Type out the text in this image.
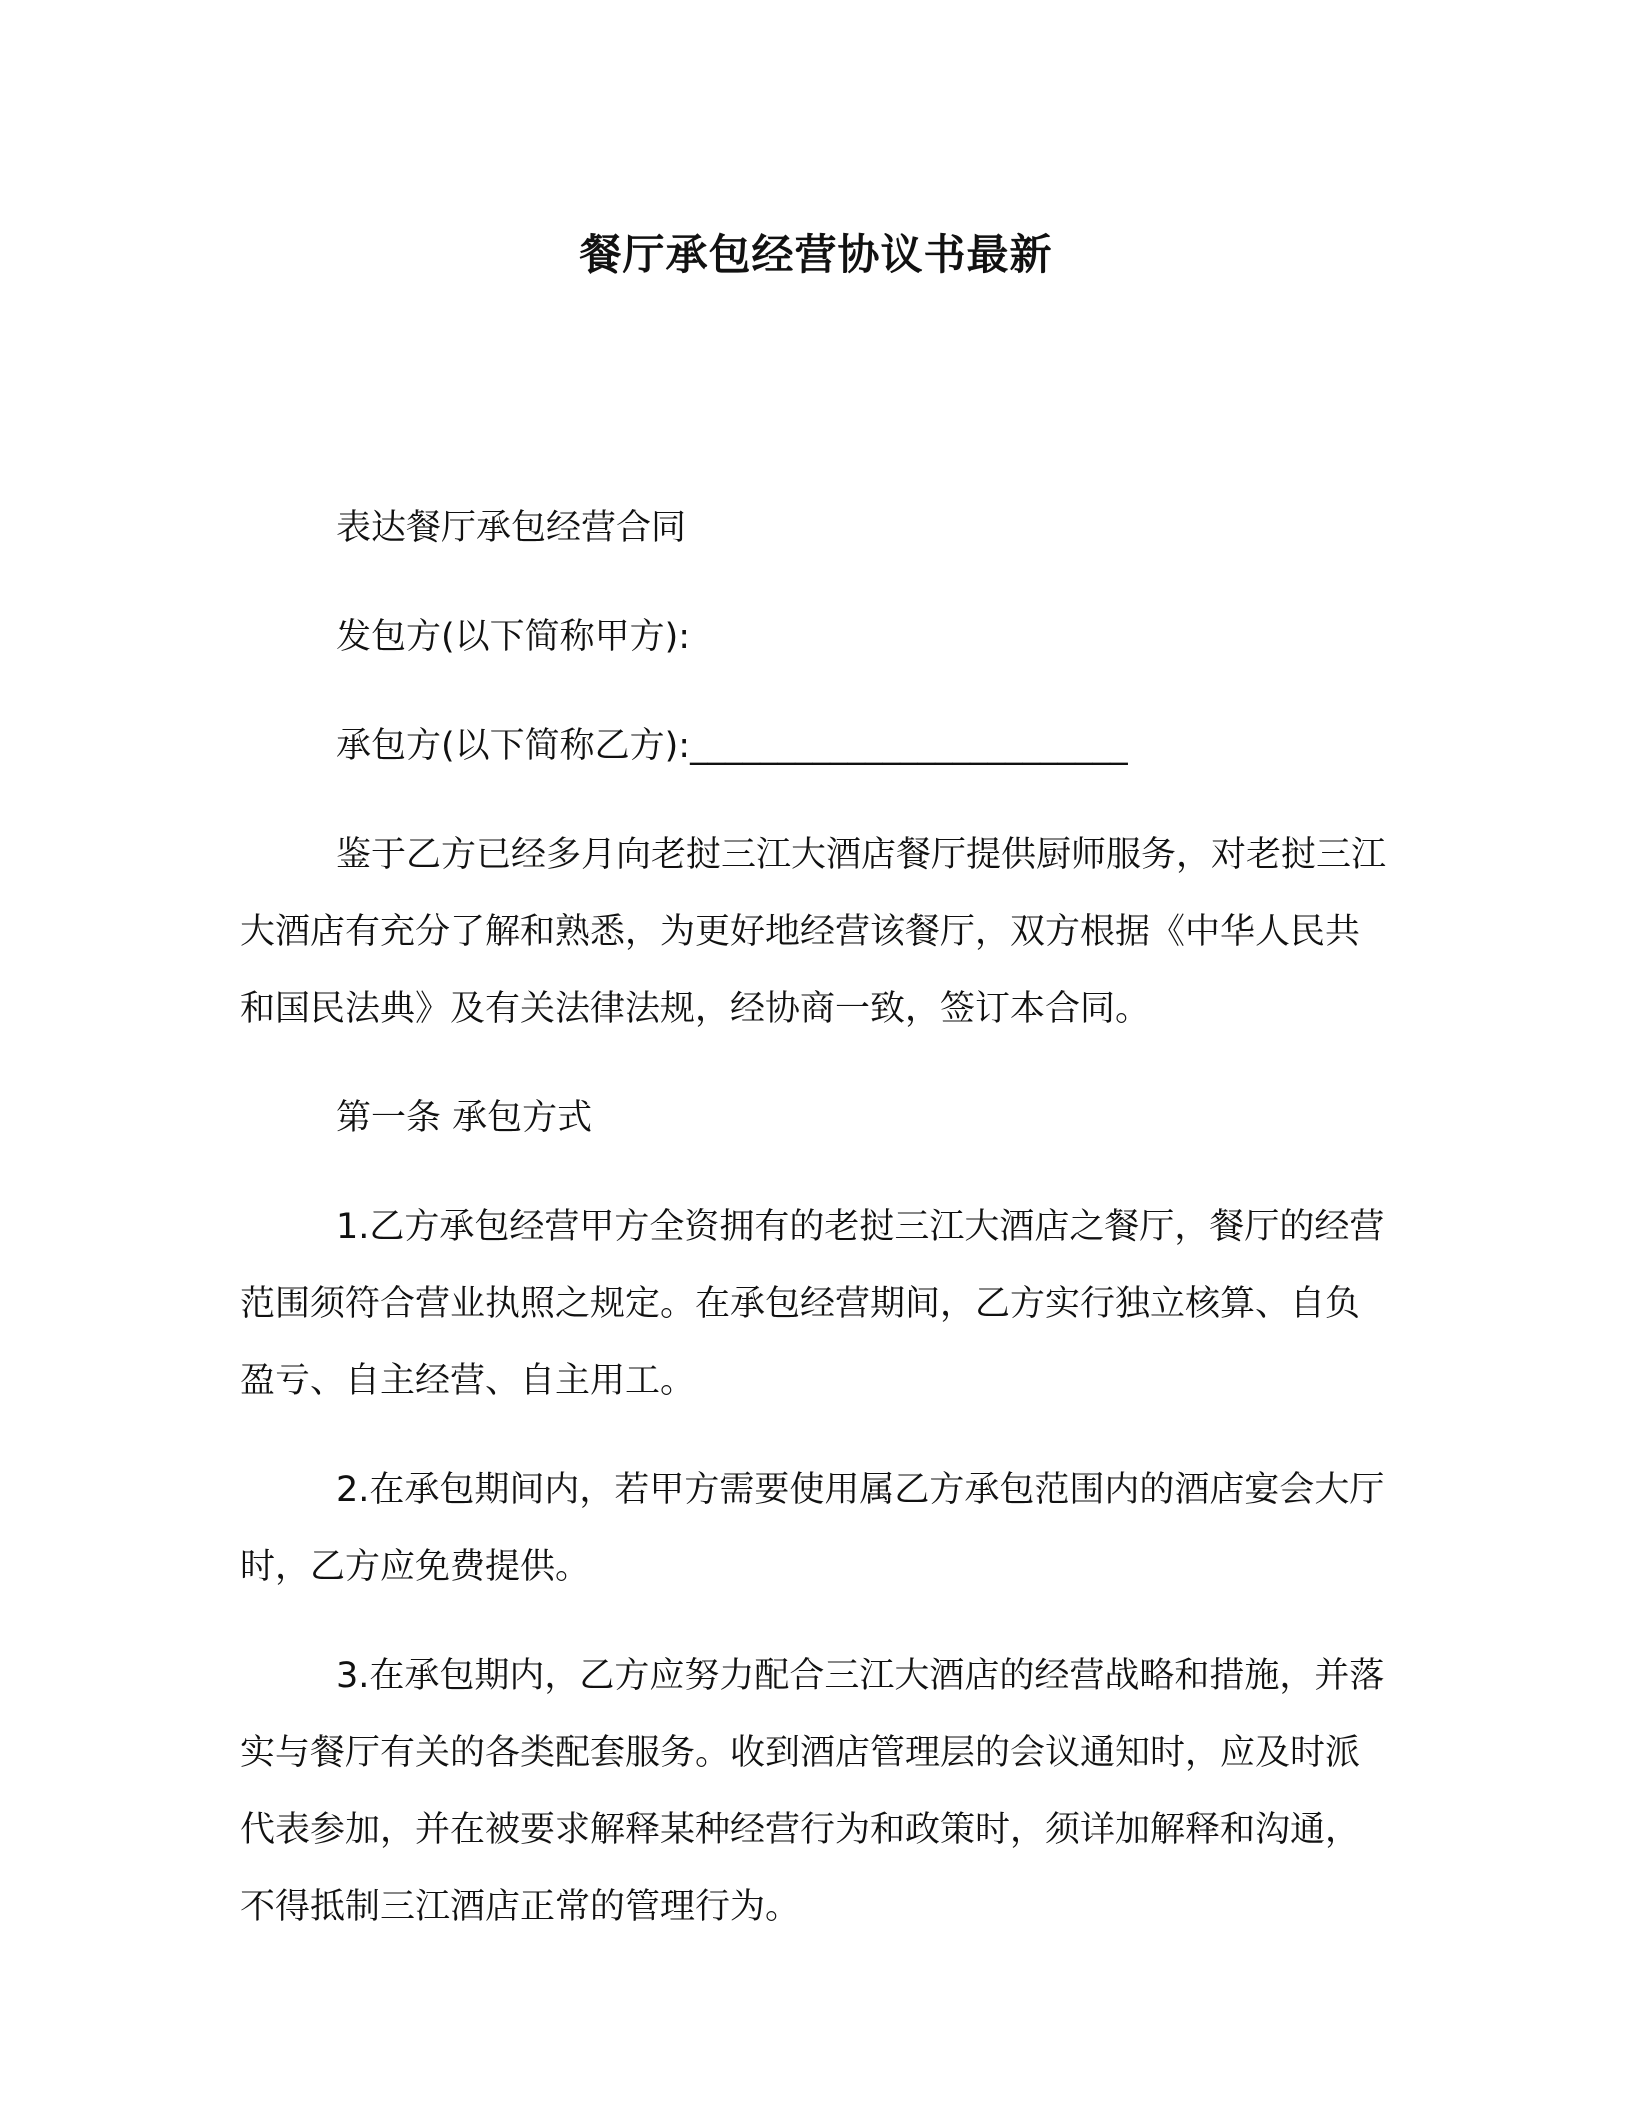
餐厅承包经营协议书最新

表达餐厅承包经营合同

发包方(以下简称甲方):

承包方(以下简称乙方):_________________________

鉴于乙方已经多月向老挝三江大酒店餐厅提供厨师服务，对老挝三江大酒店有充分了解和熟悉，为更好地经营该餐厅，双方根据《中华人民共和国民法典》及有关法律法规，经协商一致，签订本合同。

第一条 承包方式

1.乙方承包经营甲方全资拥有的老挝三江大酒店之餐厅，餐厅的经营范围须符合营业执照之规定。在承包经营期间，乙方实行独立核算、自负盈亏、自主经营、自主用工。

2.在承包期间内，若甲方需要使用属乙方承包范围内的酒店宴会大厅时，乙方应免费提供。

3.在承包期内，乙方应努力配合三江大酒店的经营战略和措施，并落实与餐厅有关的各类配套服务。收到酒店管理层的会议通知时，应及时派代表参加，并在被要求解释某种经营行为和政策时，须详加解释和沟通，不得抵制三江酒店正常的管理行为。
